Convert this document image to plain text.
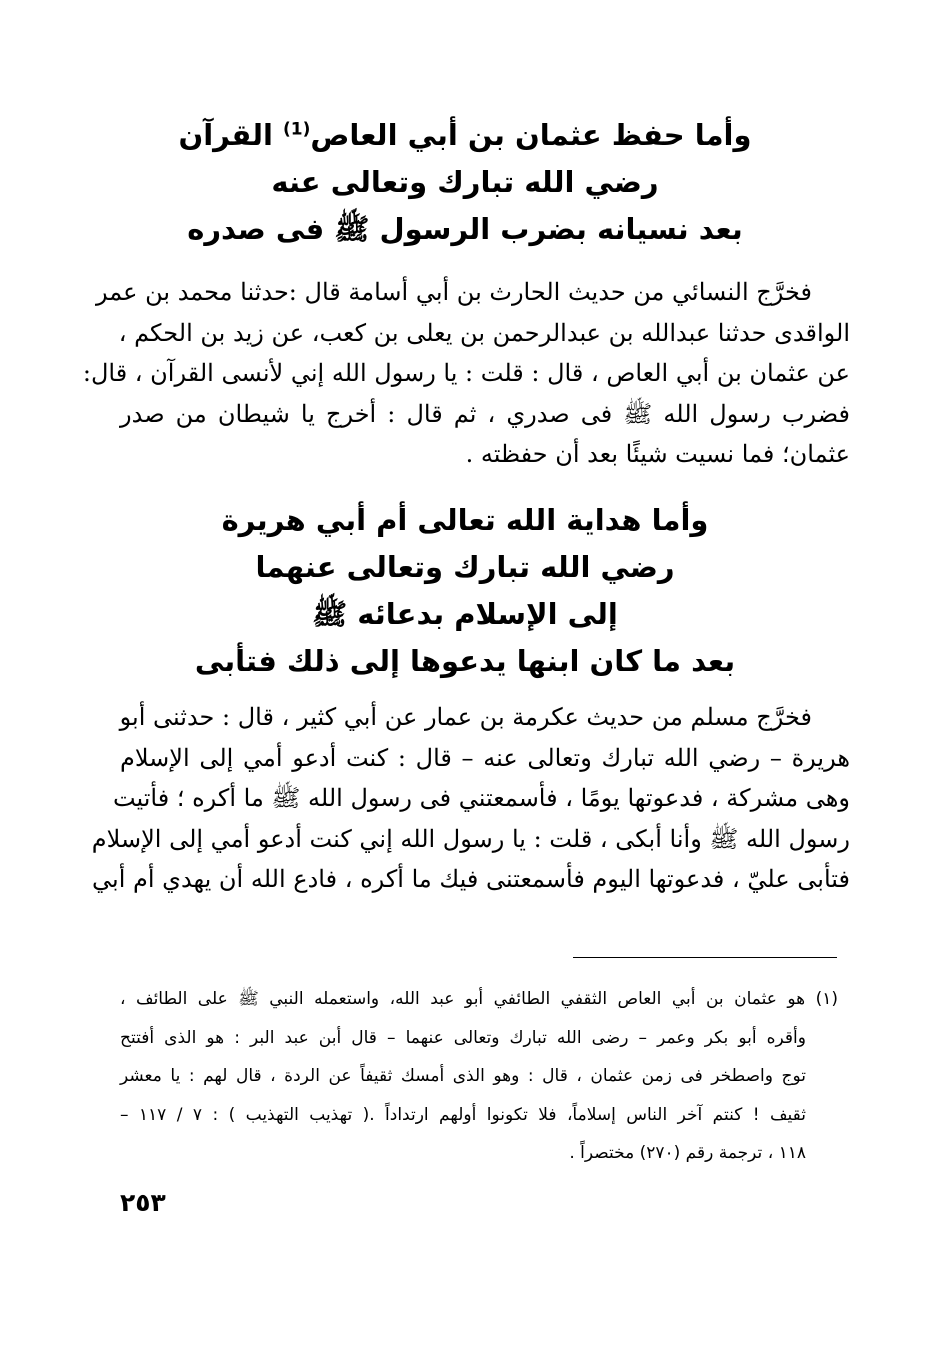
وأما حفظ عثمان بن أبي العاص$^{(1)}$ القرآن
رضي الله تبارك وتعالى عنه
بعد نسيانه بضرب الرسول ﷺ فى صدره
فخرَّج النسائي من حديث الحارث بن أبي أسامة قال :حدثنا محمد بن عمر
الواقدى حدثنا عبدالله بن عبدالرحمن بن يعلى بن كعب، عن زيد بن الحكم ،
عن عثمان بن أبي العاص ، قال : قلت : يا رسول الله إني لأنسى القرآن ، قال:
فضرب رسول الله ﷺ فى صدري ، ثم قال : أخرج يا شيطان من صدر
عثمان؛ فما نسيت شيئًا بعد أن حفظته .
وأما هداية الله تعالى أم أبي هريرة
رضي الله تبارك وتعالى عنهما
إلى الإسلام بدعائه ﷺ
بعد ما كان ابنها يدعوها إلى ذلك فتأبى
فخرَّج مسلم من حديث عكرمة بن عمار عن أبي كثير ، قال : حدثنى أبو
هريرة – رضي الله تبارك وتعالى عنه – قال : كنت أدعو أمي إلى الإسلام
وهى مشركة ، فدعوتها يومًا ، فأسمعتني فى رسول الله ﷺ ما أكره ؛ فأتيت
رسول الله ﷺ وأنا أبكى ، قلت : يا رسول الله إني كنت أدعو أمي إلى الإسلام
فتأبى عليّ ، فدعوتها اليوم فأسمعتنى فيك ما أكره ، فادع الله أن يهدي أم أبي
(١) هو عثمان بن أبي العاص الثقفي الطائفي أبو عبد الله، واستعمله النبي ﷺ على الطائف ،
وأقره أبو بكر وعمر – رضى الله تبارك وتعالى عنهما – قال أبن عبد البر : هو الذى أفتتح
توج واصطخر فى زمن عثمان ، قال : وهو الذى أمسك ثقيفاً عن الردة ، قال لهم : يا معشر
ثقيف ! كنتم آخر الناس إسلاماً، فلا تكونوا أولهم ارتداداً .( تهذيب التهذيب ) : ٧ / ١١٧ –
١١٨ ، ترجمة رقم (٢٧٠) مختصراً .
٢٥٣
